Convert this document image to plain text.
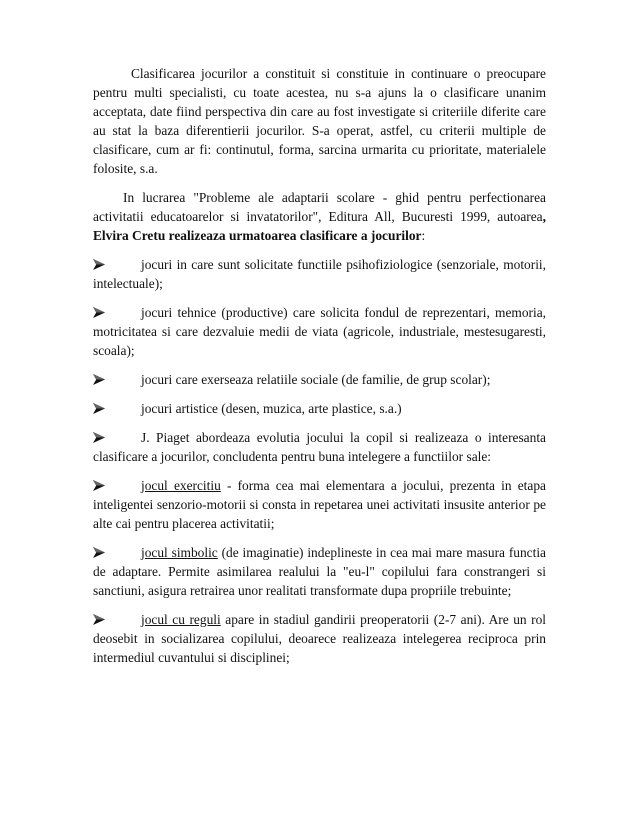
Clasificarea jocurilor a constituit si constituie in continuare o preocupare pentru multi specialisti, cu toate acestea, nu s-a ajuns la o clasificare unanim acceptata, date fiind perspectiva din care au fost investigate si criteriile diferite care au stat la baza diferentierii jocurilor. S-a operat, astfel, cu criterii multiple de clasificare, cum ar fi: continutul, forma, sarcina urmarita cu prioritate, materialele folosite, s.a.

In lucrarea "Probleme ale adaptarii scolare - ghid pentru perfectionarea activitatii educatoarelor si invatatorilor", Editura All, Bucuresti 1999, autoarea, Elvira Cretu realizeaza urmatoarea clasificare a jocurilor:

jocuri in care sunt solicitate functiile psihofiziologice (senzoriale, motorii, intelectuale);

jocuri tehnice (productive) care solicita fondul de reprezentari, memoria, motricitatea si care dezvaluie medii de viata (agricole, industriale, mestesugaresti, scoala);

jocuri care exerseaza relatiile sociale (de familie, de grup scolar);

jocuri artistice (desen, muzica, arte plastice, s.a.)

J. Piaget abordeaza evolutia jocului la copil si realizeaza o interesanta clasificare a jocurilor, concludenta pentru buna intelegere a functiilor sale:

jocul exercitiu - forma cea mai elementara a jocului, prezenta in etapa inteligentei senzorio-motorii si consta in repetarea unei activitati insusite anterior pe alte cai pentru placerea activitatii;

jocul simbolic (de imaginatie) indeplineste in cea mai mare masura functia de adaptare. Permite asimilarea realului la "eu-l" copilului fara constrangeri si sanctiuni, asigura retrairea unor realitati transformate dupa propriile trebuinte;

jocul cu reguli apare in stadiul gandirii preoperatorii (2-7 ani). Are un rol deosebit in socializarea copilului, deoarece realizeaza intelegerea reciproca prin intermediul cuvantului si disciplinei;
